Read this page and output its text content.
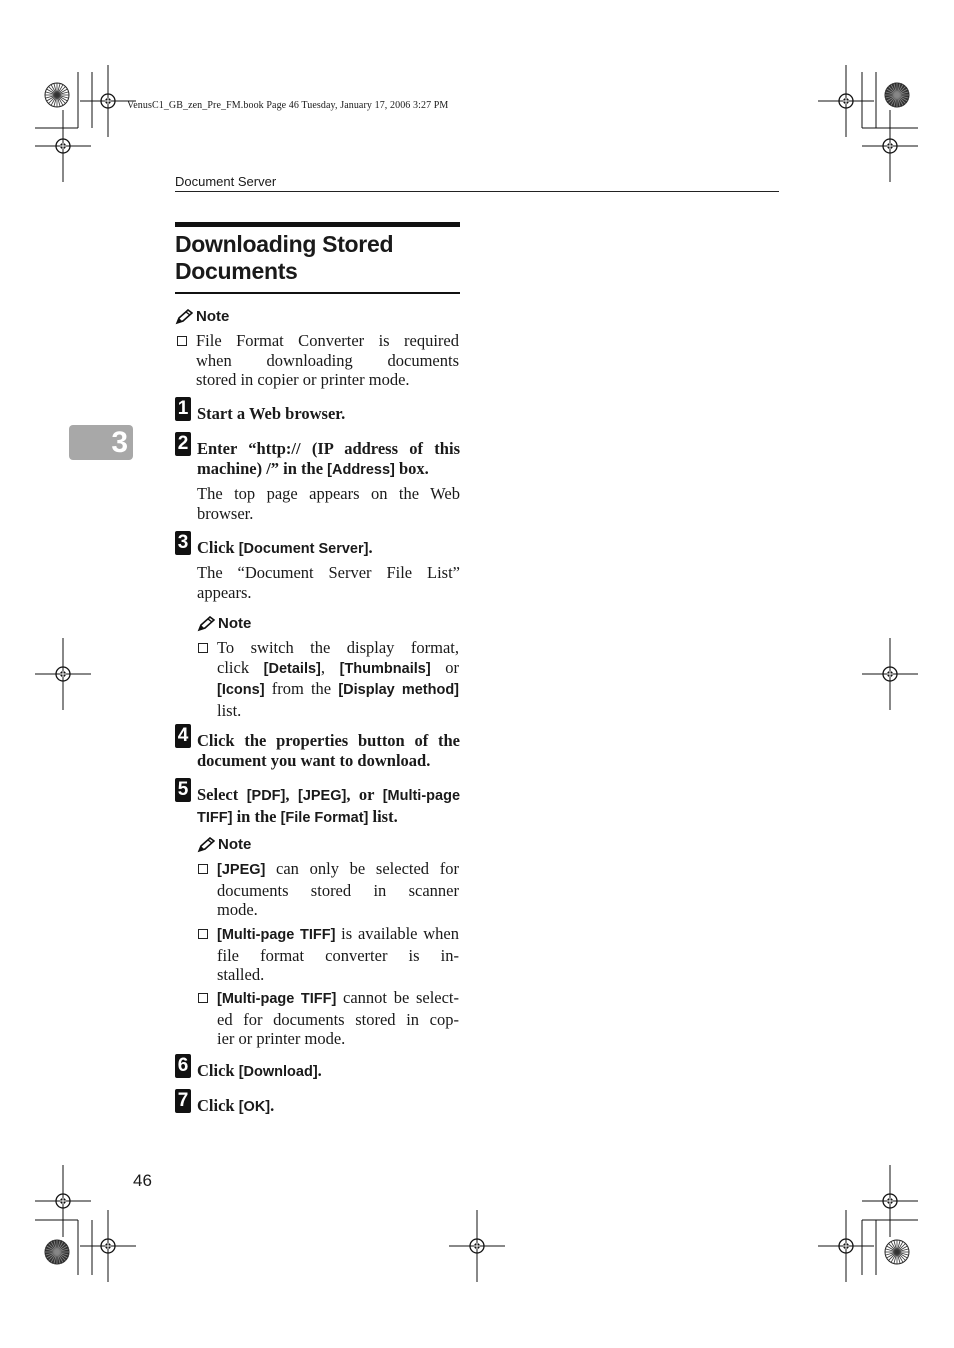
VenusC1_GB_zen_Pre_FM.book Page 46 Tuesday, January 17, 2006 3:27 PM
Document Server
3
Downloading Stored
Documents
Note
File Format Converter is required
when downloading documents
stored in copier or printer mode.
1 Start a Web browser.
2 Enter “http:// (IP address of this
machine) /” in the [Address] box.
The top page appears on the Web
browser.
3 Click [Document Server].
The “Document Server File List”
appears.
Note
To switch the display format,
click [Details], [Thumbnails] or
[Icons] from the [Display method]
list.
4 Click the properties button of the
document you want to download.
5 Select [PDF], [JPEG], or [Multi-page
TIFF] in the [File Format] list.
Note
[JPEG] can only be selected for
documents stored in scanner
mode.
[Multi-page TIFF] is available when
file format converter is in-
stalled.
[Multi-page TIFF] cannot be select-
ed for documents stored in cop-
ier or printer mode.
6 Click [Download].
7 Click [OK].
46
